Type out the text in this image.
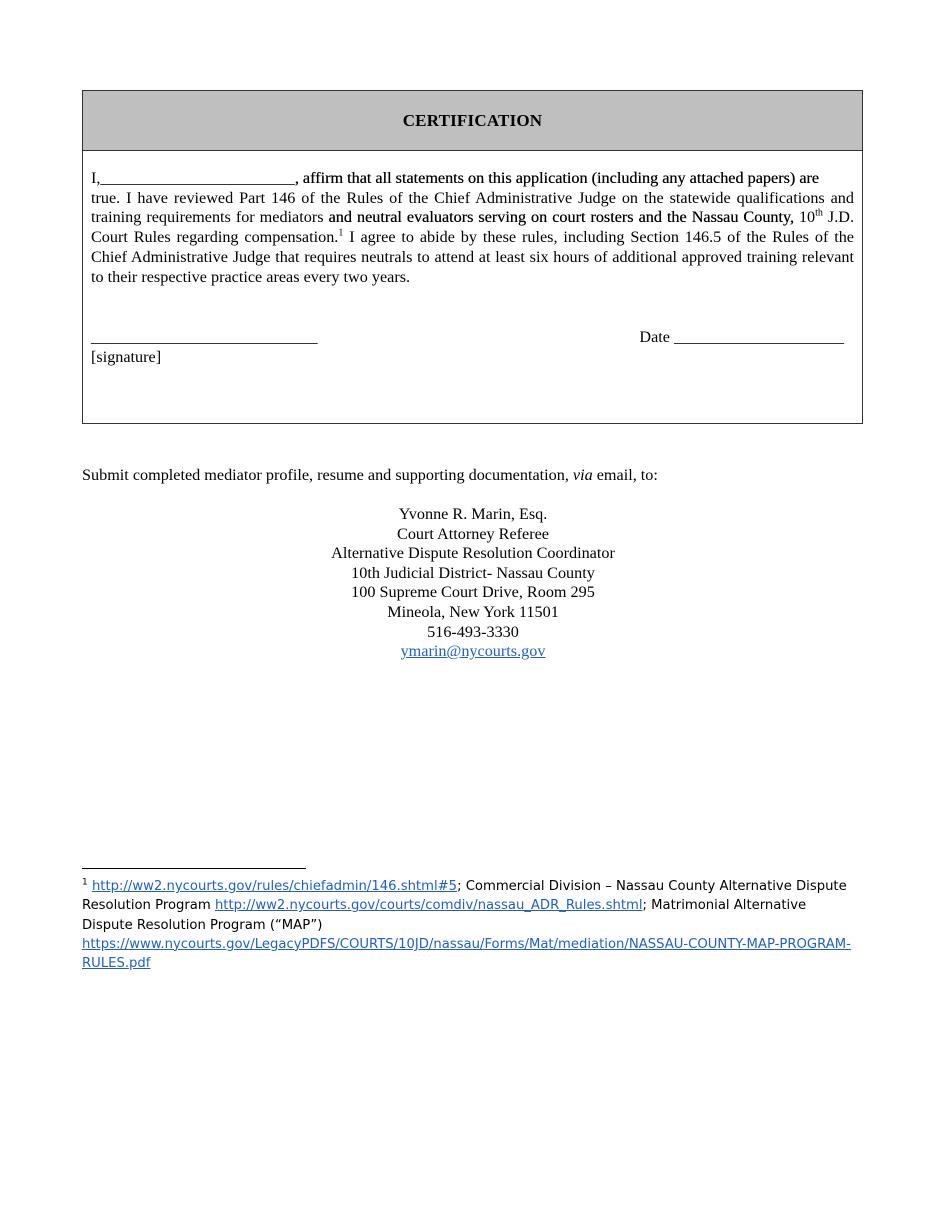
CERTIFICATION
I,________________________, affirm that all statements on this application (including any attached papers) are
true. I have reviewed Part 146 of the Rules of the Chief Administrative Judge on the statewide qualifications and training requirements for mediators and neutral evaluators serving on court rosters and the Nassau County, 10th J.D. Court Rules regarding compensation.$^1$ I agree to abide by these rules, including Section 146.5 of the Rules of the Chief Administrative Judge that requires neutrals to attend at least six hours of additional approved training relevant to their respective practice areas every two years.
____________________________	Date _____________________
[signature]
Submit completed mediator profile, resume and supporting documentation, via email, to:
Yvonne R. Marin, Esq.
Court Attorney Referee
Alternative Dispute Resolution Coordinator
10th Judicial District- Nassau County
100 Supreme Court Drive, Room 295
Mineola, New York 11501
516-493-3330
ymarin@nycourts.gov
$^1$ http://ww2.nycourts.gov/rules/chiefadmin/146.shtml#5; Commercial Division – Nassau County Alternative Dispute Resolution Program http://ww2.nycourts.gov/courts/comdiv/nassau_ADR_Rules.shtml; Matrimonial Alternative Dispute Resolution Program (“MAP”)
https://www.nycourts.gov/LegacyPDFS/COURTS/10JD/nassau/Forms/Mat/mediation/NASSAU-COUNTY-MAP-PROGRAM-RULES.pdf
